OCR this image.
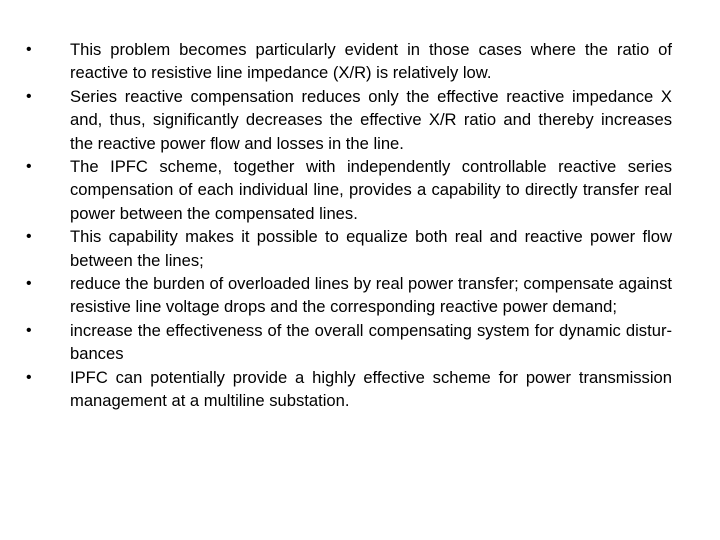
•	This problem becomes particularly evident in those cases where the ratio of reactive to resistive line impedance (X/R) is relatively low.
•	Series reactive compensation reduces only the effective reactive impedance X and, thus, significantly decreases the effective X/R ratio and thereby increases the reactive power flow and losses in the line.
•	The IPFC scheme, together with independently controllable reactive series compensation of each individual line, provides a capability to directly transfer real power between the compensated lines.
•	This capability makes it possible to equalize both real and reactive power flow between the lines;
•	reduce the burden of overloaded lines by real power transfer; compensate against resistive line voltage drops and the corresponding reactive power demand;
•	increase the effectiveness of the overall compensating system for dynamic distur-bances
•	IPFC can potentially provide a highly effective scheme for power transmission management at a multiline substation.
